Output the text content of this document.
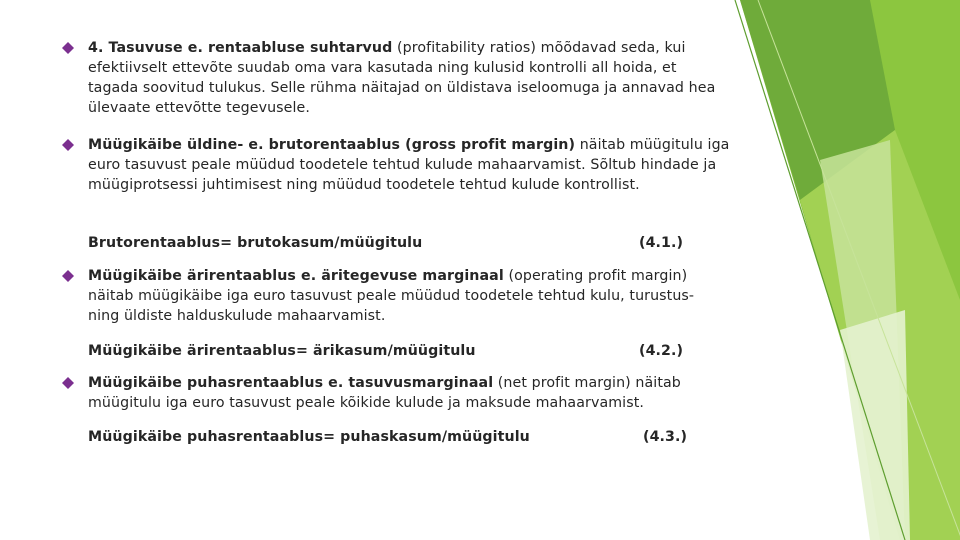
4. Tasuvuse e. rentaabluse suhtarvud (profitability ratios) mõõdavad seda, kui efektiivselt ettevõte suudab oma vara kasutada ning kulusid kontrolli all hoida, et tagada soovitud tulukus. Selle rühma näitajad on üldistava iseloomuga ja annavad hea ülevaate ettevõtte tegevusele.
Müügikäibe üldine- e. brutorentaablus (gross profit margin) näitab müügitulu iga euro tasuvust peale müüdud toodetele tehtud kulude mahaarvamist. Sõltub hindade ja müügiprotsessi juhtimisest ning müüdud toodetele tehtud kulude kontrollist.
Brutorentaablus= brutokasum/müügitulu	(4.1.)
Müügikäibe ärirentaablus e. äritegevuse marginaal (operating profit margin) näitab müügikäibe iga euro tasuvust peale müüdud toodetele tehtud kulu, turustus- ning üldiste halduskulude mahaarvamist.
Müügikäibe ärirentaablus= ärikasum/müügitulu	(4.2.)
Müügikäibe puhasrentaablus e. tasuvusmarginaal (net profit margin) näitab müügitulu iga euro tasuvust peale kõikide kulude ja maksude mahaarvamist.
Müügikäibe puhasrentaablus= puhaskasum/müügitulu	(4.3.)
